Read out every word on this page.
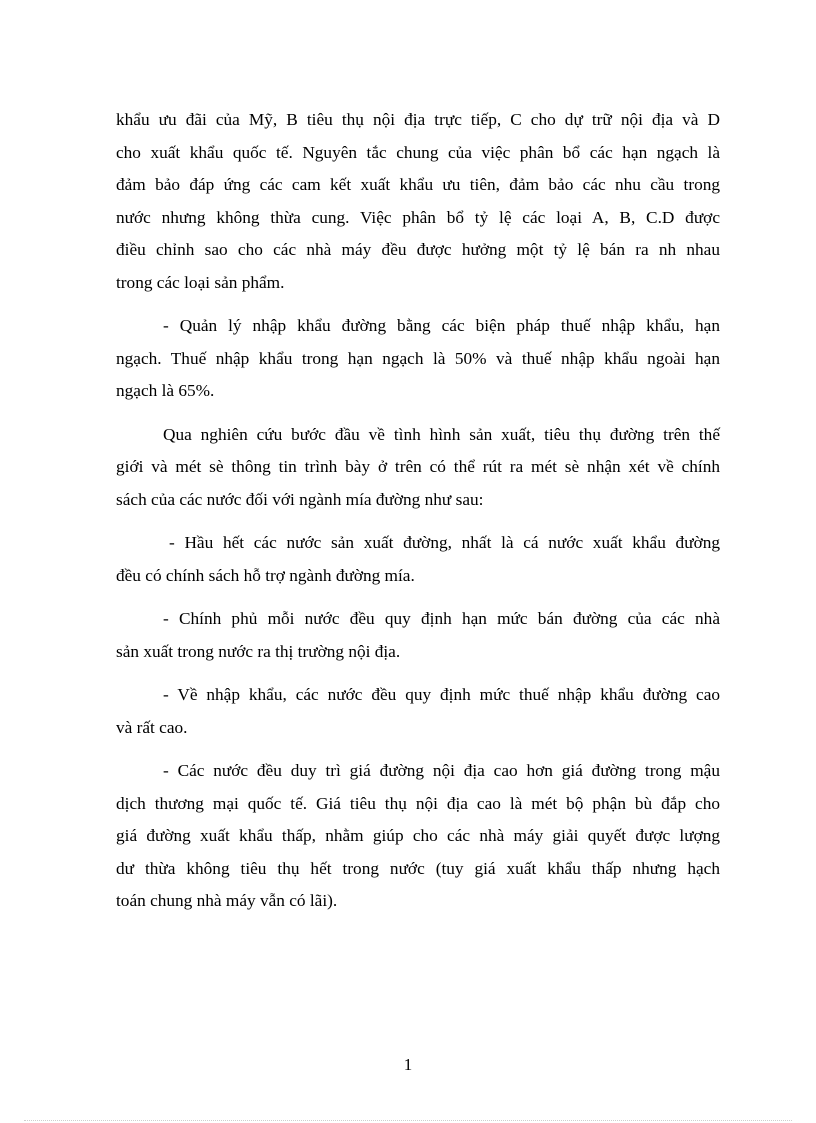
khẩu ưu đãi của Mỹ, B tiêu thụ nội địa trực tiếp, C cho dự trữ nội địa và D
cho xuất khẩu quốc tế. Nguyên tắc chung của việc phân bổ các hạn ngạch là
đảm bảo đáp ứng các cam kết xuất khẩu ưu tiên, đảm bảo các nhu cầu trong
nước nhưng không thừa cung. Việc phân bổ tỷ lệ các loại A, B, C.D được
điều chỉnh sao cho các nhà máy đều được hưởng một tỷ lệ bán ra nh nhau
trong các loại sản phẩm.

- Quản lý nhập khẩu đường bằng các biện pháp thuế nhập khẩu, hạn
ngạch. Thuế nhập khẩu trong hạn ngạch là 50% và thuế nhập khẩu ngoài hạn
ngạch là 65%.

Qua nghiên cứu bước đầu về tình hình sản xuất, tiêu thụ đường trên thế
giới và mét sè thông tin trình bày ở trên có thể rút ra mét sè nhận xét về chính
sách của các nước đối với ngành mía đường như sau:

- Hầu hết các nước sản xuất đường, nhất là cá nước xuất khẩu đường
đều có chính sách hỗ trợ ngành đường mía.

- Chính phủ mỗi nước đều quy định hạn mức bán đường của các nhà
sản xuất trong nước ra thị trường nội địa.

- Về nhập khẩu, các nước đều quy định mức thuế nhập khẩu đường cao
và rất cao.

- Các nước đều duy trì giá đường nội địa cao hơn giá đường trong mậu
dịch thương mại quốc tế. Giá tiêu thụ nội địa cao là mét bộ phận bù đắp cho
giá đường xuất khẩu thấp, nhằm giúp cho các nhà máy giải quyết được lượng
dư thừa không tiêu thụ hết trong nước (tuy giá xuất khẩu thấp nhưng hạch
toán chung nhà máy vẫn có lãi).

1
